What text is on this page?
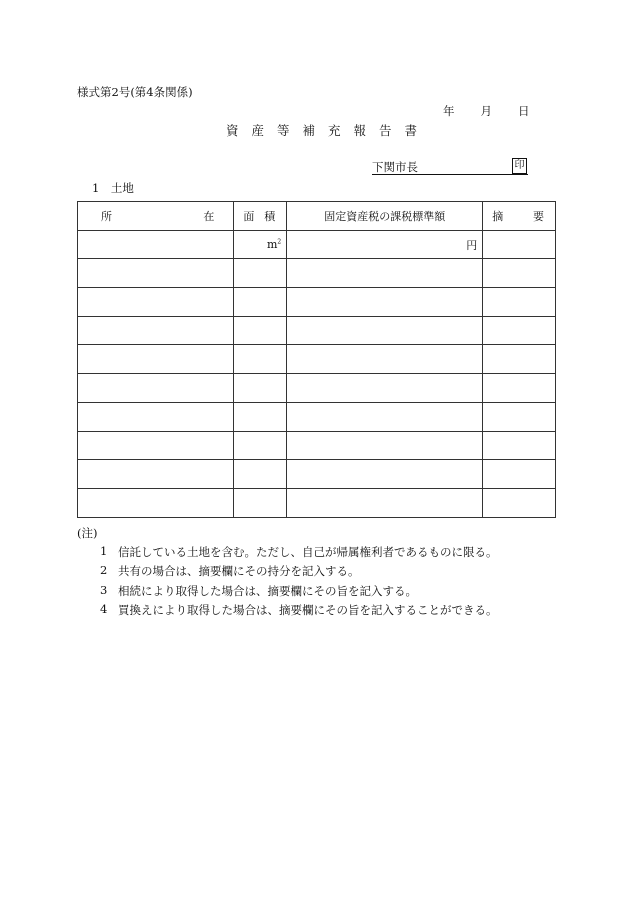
様式第2号(第4条関係)
年 月 日
資産等補充報告書
下関市長	印
1　土地
所 在	面 積	固定資産税の課税標準額	摘 要

	$m^2$	円	

(注)
1 信託している土地を含む。ただし、自己が帰属権利者であるものに限る。
2 共有の場合は、摘要欄にその持分を記入する。
3 相続により取得した場合は、摘要欄にその旨を記入する。
4 買換えにより取得した場合は、摘要欄にその旨を記入することができる。
